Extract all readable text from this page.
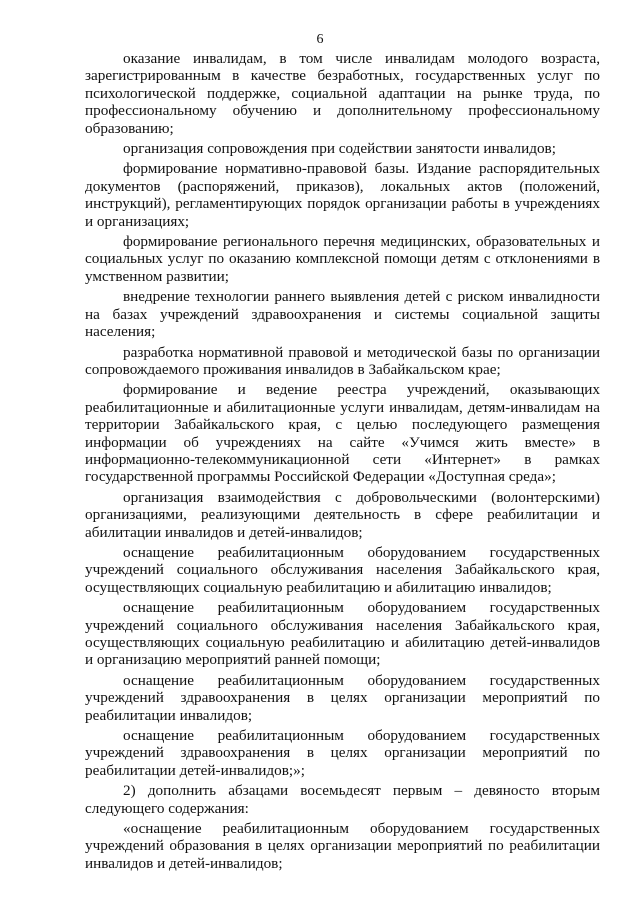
6

оказание инвалидам, в том числе инвалидам молодого возраста, зарегистрированным в качестве безработных, государственных услуг по психологической поддержке, социальной адаптации на рынке труда, по профессиональному обучению и дополнительному профессиональному образованию;

организация сопровождения при содействии занятости инвалидов;

формирование нормативно-правовой базы. Издание распорядительных документов (распоряжений, приказов), локальных актов (положений, инструкций), регламентирующих порядок организации работы в учреждениях и организациях;

формирование регионального перечня медицинских, образовательных и социальных услуг по оказанию комплексной помощи детям с отклонениями в умственном развитии;

внедрение технологии раннего выявления детей с риском инвалидности на базах учреждений здравоохранения и системы социальной защиты населения;

разработка нормативной правовой и методической базы по организации сопровождаемого проживания инвалидов в Забайкальском крае;

формирование и ведение реестра учреждений, оказывающих реабилитационные и абилитационные услуги инвалидам, детям-инвалидам на территории Забайкальского края, с целью последующего размещения информации об учреждениях на сайте «Учимся жить вместе» в информационно-телекоммуникационной сети «Интернет» в рамках государственной программы Российской Федерации «Доступная среда»;

организация взаимодействия с добровольческими (волонтерскими) организациями, реализующими деятельность в сфере реабилитации и абилитации инвалидов и детей-инвалидов;

оснащение реабилитационным оборудованием государственных учреждений социального обслуживания населения Забайкальского края, осуществляющих социальную реабилитацию и абилитацию инвалидов;

оснащение реабилитационным оборудованием государственных учреждений социального обслуживания населения Забайкальского края, осуществляющих социальную реабилитацию и абилитацию детей-инвалидов и организацию мероприятий ранней помощи;

оснащение реабилитационным оборудованием государственных учреждений здравоохранения в целях организации мероприятий по реабилитации инвалидов;

оснащение реабилитационным оборудованием государственных учреждений здравоохранения в целях организации мероприятий по реабилитации детей-инвалидов;»;

2) дополнить абзацами восемьдесят первым – девяносто вторым следующего содержания:

«оснащение реабилитационным оборудованием государственных учреждений образования в целях организации мероприятий по реабилитации инвалидов и детей-инвалидов;
